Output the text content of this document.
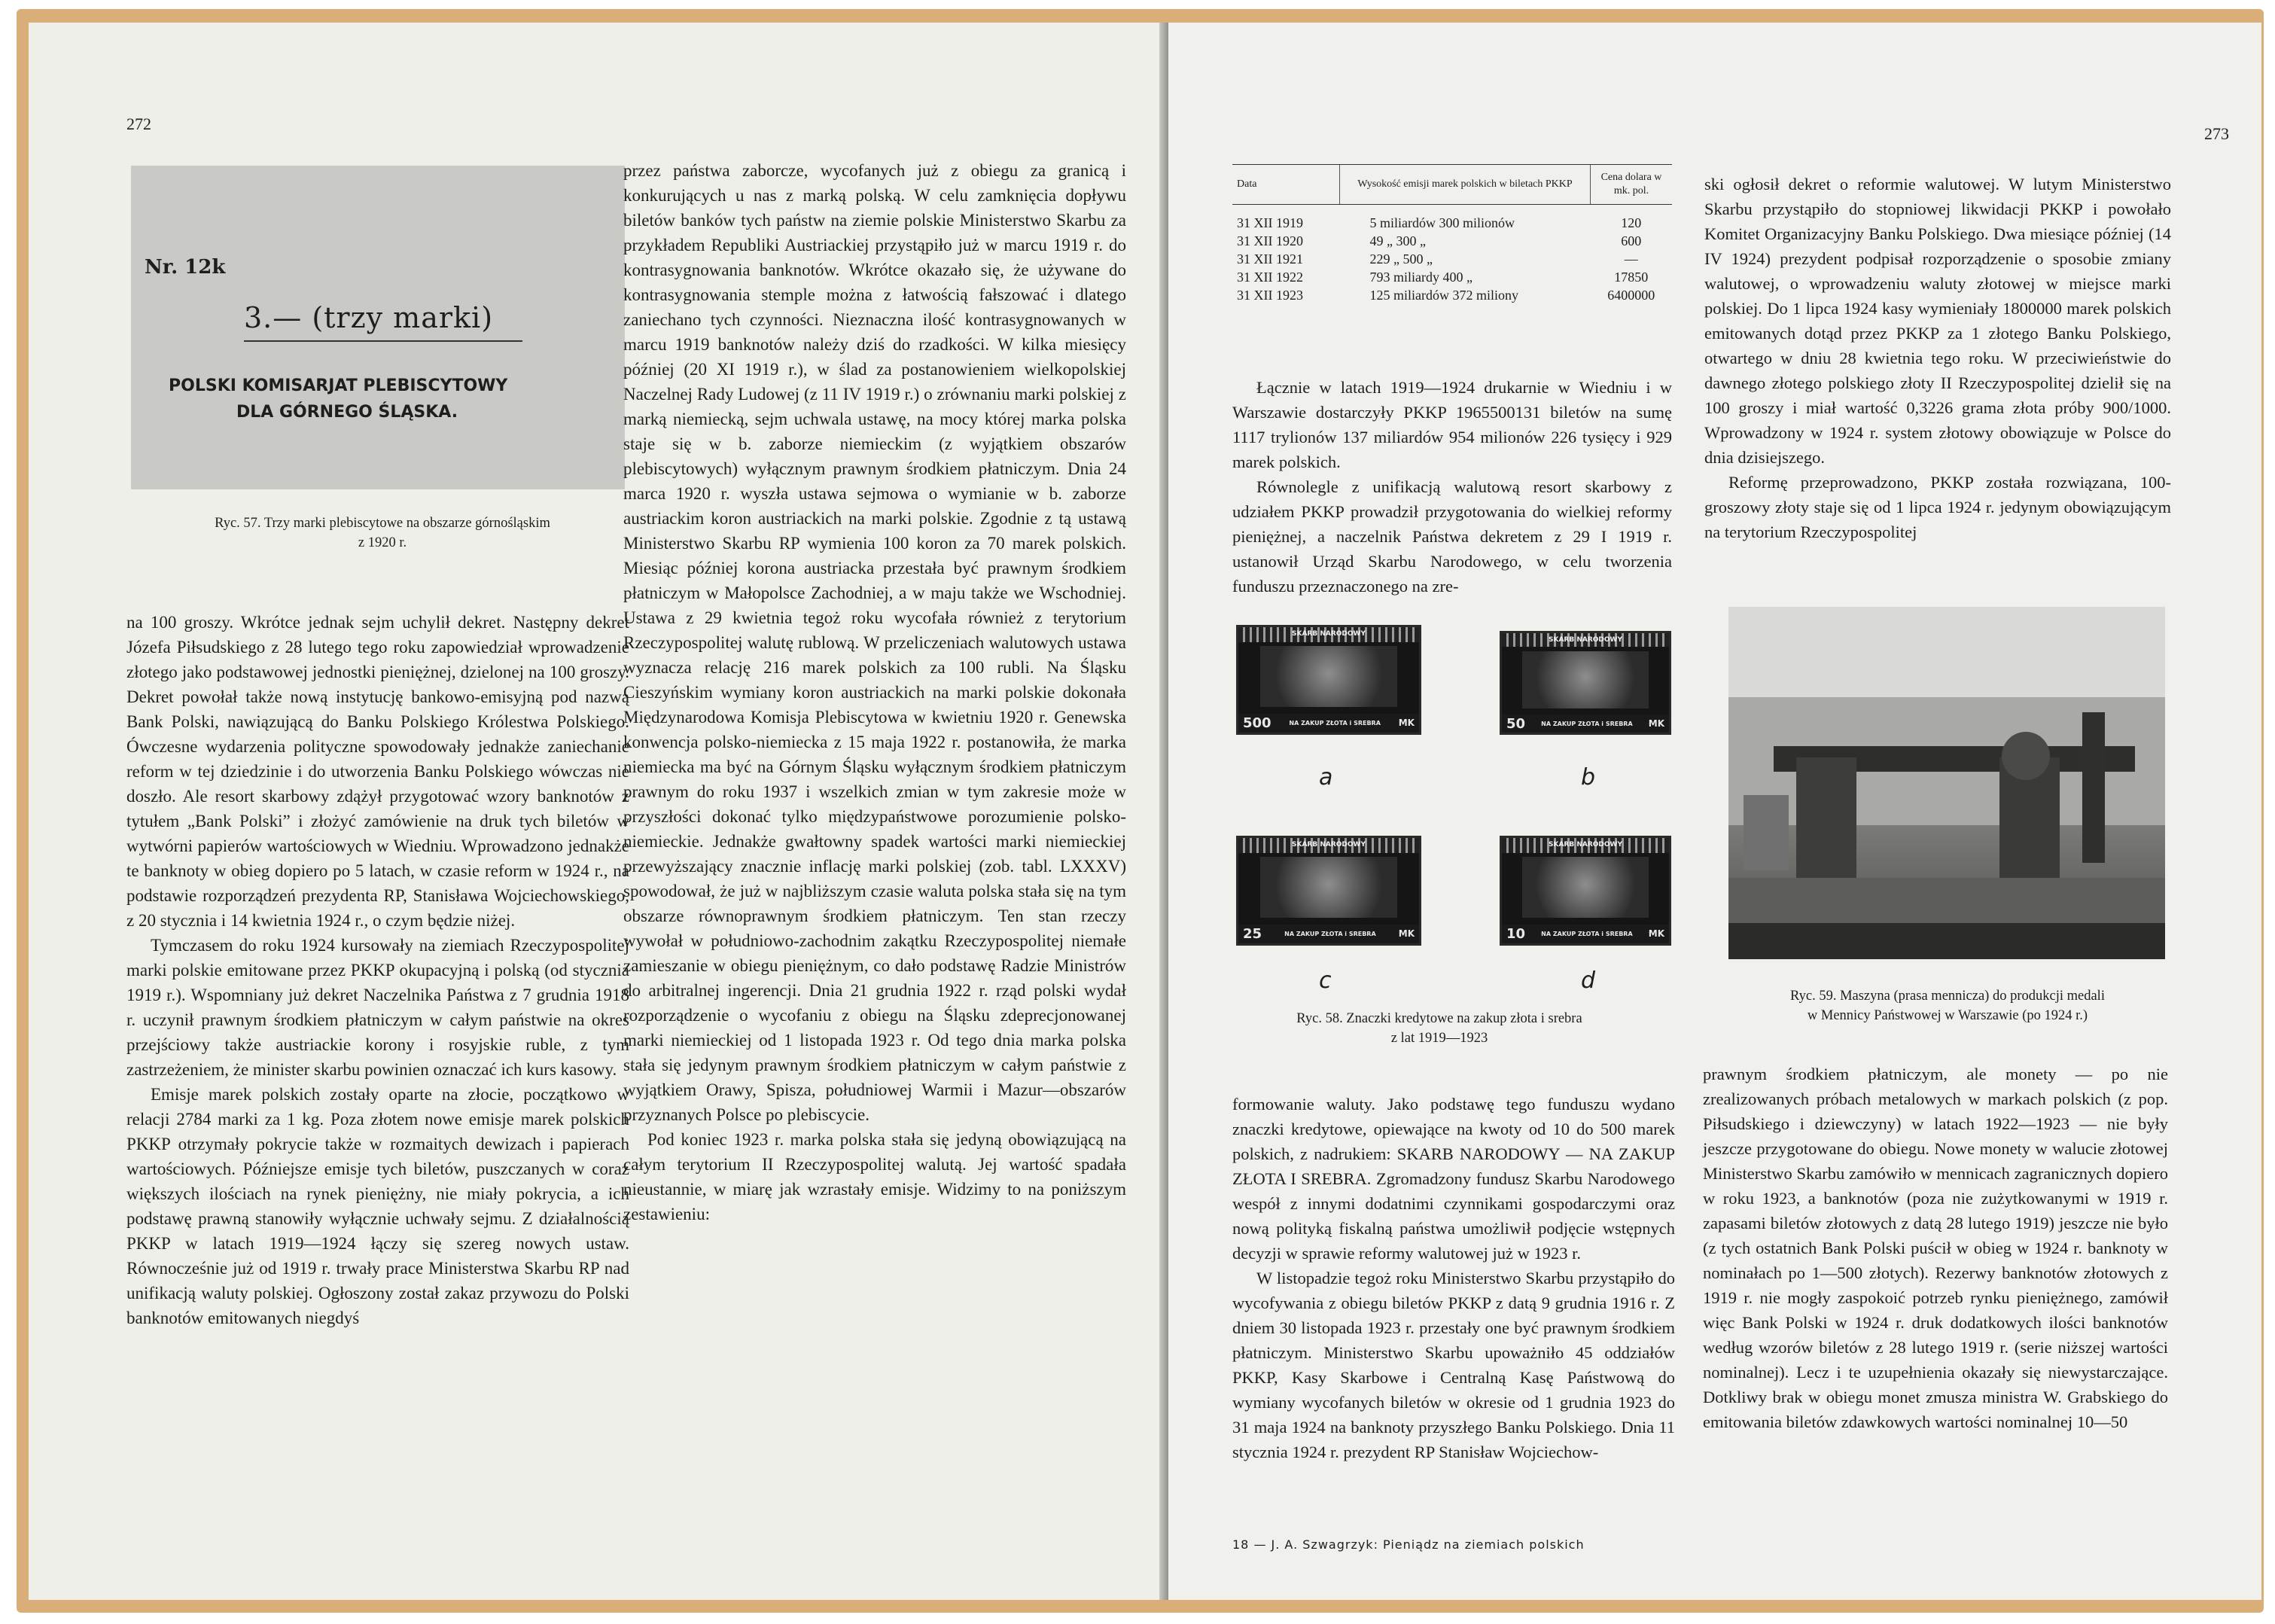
272
Nr. 12k
3.— (trzy marki)
POLSKI KOMISARJAT PLEBISCYTOWY
DLA GÓRNEGO ŚLĄSKA.
Ryc. 57. Trzy marki plebiscytowe na obszarze górnośląskim
z 1920 r.

na 100 groszy. Wkrótce jednak sejm uchylił dekret. Następny dekret Józefa Piłsudskiego z 28 lutego tego roku zapowiedział wprowadzenie złotego jako podstawowej jednostki pieniężnej, dzielonej na 100 groszy. Dekret powołał także nową instytucję bankowo-emisyjną pod nazwą Bank Polski, nawiązującą do Banku Polskiego Królestwa Polskiego. Ówczesne wydarzenia polityczne spowodowały jednakże zaniechanie reform w tej dziedzinie i do utworzenia Banku Polskiego wówczas nie doszło. Ale resort skarbowy zdążył przygotować wzory banknotów z tytułem „Bank Polski” i złożyć zamówienie na druk tych biletów w wytwórni papierów wartościowych w Wiedniu. Wprowadzono jednakże te banknoty w obieg dopiero po 5 latach, w czasie reform w 1924 r., na podstawie rozporządzeń prezydenta RP, Stanisława Wojciechowskiego, z 20 stycznia i 14 kwietnia 1924 r., o czym będzie niżej.

Tymczasem do roku 1924 kursowały na ziemiach Rzeczypospolitej marki polskie emitowane przez PKKP okupacyjną i polską (od stycznia 1919 r.). Wspomniany już dekret Naczelnika Państwa z 7 grudnia 1918 r. uczynił prawnym środkiem płatniczym w całym państwie na okres przejściowy także austriackie korony i rosyjskie ruble, z tym zastrzeżeniem, że minister skarbu powinien oznaczać ich kurs kasowy.

Emisje marek polskich zostały oparte na złocie, początkowo w relacji 2784 marki za 1 kg. Poza złotem nowe emisje marek polskich PKKP otrzymały pokrycie także w rozmaitych dewizach i papierach wartościowych. Późniejsze emisje tych biletów, puszczanych w coraz większych ilościach na rynek pieniężny, nie miały pokrycia, a ich podstawę prawną stanowiły wyłącznie uchwały sejmu. Z działalnością PKKP w latach 1919—1924 łączy się szereg nowych ustaw. Równocześnie już od 1919 r. trwały prace Ministerstwa Skarbu RP nad unifikacją waluty polskiej. Ogłoszony został zakaz przywozu do Polski banknotów emitowanych niegdyś

przez państwa zaborcze, wycofanych już z obiegu za granicą i konkurujących u nas z marką polską. W celu zamknięcia dopływu biletów banków tych państw na ziemie polskie Ministerstwo Skarbu za przykładem Republiki Austriackiej przystąpiło już w marcu 1919 r. do kontrasygnowania banknotów. Wkrótce okazało się, że używane do kontrasygnowania stemple można z łatwością fałszować i dlatego zaniechano tych czynności. Nieznaczna ilość kontrasygnowanych w marcu 1919 banknotów należy dziś do rzadkości. W kilka miesięcy później (20 XI 1919 r.), w ślad za postanowieniem wielkopolskiej Naczelnej Rady Ludowej (z 11 IV 1919 r.) o zrównaniu marki polskiej z marką niemiecką, sejm uchwala ustawę, na mocy której marka polska staje się w b. zaborze niemieckim (z wyjątkiem obszarów plebiscytowych) wyłącznym prawnym środkiem płatniczym. Dnia 24 marca 1920 r. wyszła ustawa sejmowa o wymianie w b. zaborze austriackim koron austriackich na marki polskie. Zgodnie z tą ustawą Ministerstwo Skarbu RP wymienia 100 koron za 70 marek polskich. Miesiąc później korona austriacka przestała być prawnym środkiem płatniczym w Małopolsce Zachodniej, a w maju także we Wschodniej. Ustawa z 29 kwietnia tegoż roku wycofała również z terytorium Rzeczypospolitej walutę rublową. W przeliczeniach walutowych ustawa wyznacza relację 216 marek polskich za 100 rubli. Na Śląsku Cieszyńskim wymiany koron austriackich na marki polskie dokonała Międzynarodowa Komisja Plebiscytowa w kwietniu 1920 r. Genewska konwencja polsko-niemiecka z 15 maja 1922 r. postanowiła, że marka niemiecka ma być na Górnym Śląsku wyłącznym środkiem płatniczym prawnym do roku 1937 i wszelkich zmian w tym zakresie może w przyszłości dokonać tylko międzypaństwowe porozumienie polsko-niemieckie. Jednakże gwałtowny spadek wartości marki niemieckiej przewyższający znacznie inflację marki polskiej (zob. tabl. LXXXV) spowodował, że już w najbliższym czasie waluta polska stała się na tym obszarze równoprawnym środkiem płatniczym. Ten stan rzeczy wywołał w południowo-zachodnim zakątku Rzeczypospolitej niemałe zamieszanie w obiegu pieniężnym, co dało podstawę Radzie Ministrów do arbitralnej ingerencji. Dnia 21 grudnia 1922 r. rząd polski wydał rozporządzenie o wycofaniu z obiegu na Śląsku zdeprecjonowanej marki niemieckiej od 1 listopada 1923 r. Od tego dnia marka polska stała się jedynym prawnym środkiem płatniczym w całym państwie z wyjątkiem Orawy, Spisza, południowej Warmii i Mazur—obszarów przyznanych Polsce po plebiscycie.

Pod koniec 1923 r. marka polska stała się jedyną obowiązującą na całym terytorium II Rzeczypospolitej walutą. Jej wartość spadała nieustannie, w miarę jak wzrastały emisje. Widzimy to na poniższym zestawieniu:

273
Data	Wysokość emisji marek polskich w biletach PKKP	Cena dolara w mk. pol.
31 XII 1919	5 miliardów 300 milionów	120
31 XII 1920	49 „ 300 „	600
31 XII 1921	229 „ 500 „	—
31 XII 1922	793 miliardy 400 „	17850
31 XII 1923	125 miliardów 372 miliony	6400000

Łącznie w latach 1919—1924 drukarnie w Wiedniu i w Warszawie dostarczyły PKKP 1965500131 biletów na sumę 1117 trylionów 137 miliardów 954 milionów 226 tysięcy i 929 marek polskich.

Równolegle z unifikacją walutową resort skarbowy z udziałem PKKP prowadził przygotowania do wielkiej reformy pieniężnej, a naczelnik Państwa dekretem z 29 I 1919 r. ustanowił Urząd Skarbu Narodowego, w celu tworzenia funduszu przeznaczonego na zre-

ski ogłosił dekret o reformie walutowej. W lutym Ministerstwo Skarbu przystąpiło do stopniowej likwidacji PKKP i powołało Komitet Organizacyjny Banku Polskiego. Dwa miesiące później (14 IV 1924) prezydent podpisał rozporządzenie o sposobie zmiany walutowej, o wprowadzeniu waluty złotowej w miejsce marki polskiej. Do 1 lipca 1924 kasy wymieniały 1800000 marek polskich emitowanych dotąd przez PKKP za 1 złotego Banku Polskiego, otwartego w dniu 28 kwietnia tego roku. W przeciwieństwie do dawnego złotego polskiego złoty II Rzeczypospolitej dzielił się na 100 groszy i miał wartość 0,3226 grama złota próby 900/1000. Wprowadzony w 1924 r. system złotowy obowiązuje w Polsce do dnia dzisiejszego.

Reformę przeprowadzono, PKKP została rozwiązana, 100-groszowy złoty staje się od 1 lipca 1924 r. jedynym obowiązującym na terytorium Rzeczypospolitej

SKARB NARODOWY
500	NA ZAKUP ZŁOTA i SREBRA MK
a
SKARB NARODOWY
50	NA ZAKUP ZŁOTA i SREBRA MK
b
SKARB NARODOWY
25	NA ZAKUP ZŁOTA i SREBRA	MK
c
SKARB NARODOWY
10	NA ZAKUP ZŁOTA i SREBRA MK
d
Ryc. 58. Znaczki kredytowe na zakup złota i srebra
z lat 1919—1923
Ryc. 59. Maszyna (prasa mennicza) do produkcji medali
w Mennicy Państwowej w Warszawie (po 1924 r.)

formowanie waluty. Jako podstawę tego funduszu wydano znaczki kredytowe, opiewające na kwoty od 10 do 500 marek polskich, z nadrukiem: SKARB NARODOWY — NA ZAKUP ZŁOTA I SREBRA. Zgromadzony fundusz Skarbu Narodowego wespół z innymi dodatnimi czynnikami gospodarczymi oraz nową polityką fiskalną państwa umożliwił podjęcie wstępnych decyzji w sprawie reformy walutowej już w 1923 r.

W listopadzie tegoż roku Ministerstwo Skarbu przystąpiło do wycofywania z obiegu biletów PKKP z datą 9 grudnia 1916 r. Z dniem 30 listopada 1923 r. przestały one być prawnym środkiem płatniczym. Ministerstwo Skarbu upoważniło 45 oddziałów PKKP, Kasy Skarbowe i Centralną Kasę Państwową do wymiany wycofanych biletów w okresie od 1 grudnia 1923 do 31 maja 1924 na banknoty przyszłego Banku Polskiego. Dnia 11 stycznia 1924 r. prezydent RP Stanisław Wojciechow-

prawnym środkiem płatniczym, ale monety — po nie zrealizowanych próbach metalowych w markach polskich (z pop. Piłsudskiego i dziewczyny) w latach 1922—1923 — nie były jeszcze przygotowane do obiegu. Nowe monety w walucie złotowej Ministerstwo Skarbu zamówiło w mennicach zagranicznych dopiero w roku 1923, a banknotów (poza nie zużytkowanymi w 1919 r. zapasami biletów złotowych z datą 28 lutego 1919) jeszcze nie było (z tych ostatnich Bank Polski puścił w obieg w 1924 r. banknoty w nominałach po 1—500 złotych). Rezerwy banknotów złotowych z 1919 r. nie mogły zaspokoić potrzeb rynku pieniężnego, zamówił więc Bank Polski w 1924 r. druk dodatkowych ilości banknotów według wzorów biletów z 28 lutego 1919 r. (serie niższej wartości nominalnej). Lecz i te uzupełnienia okazały się niewystarczające. Dotkliwy brak w obiegu monet zmusza ministra W. Grabskiego do emitowania biletów zdawkowych wartości nominalnej 10—50

18 — J. A. Szwagrzyk: Pieniądz na ziemiach polskich
